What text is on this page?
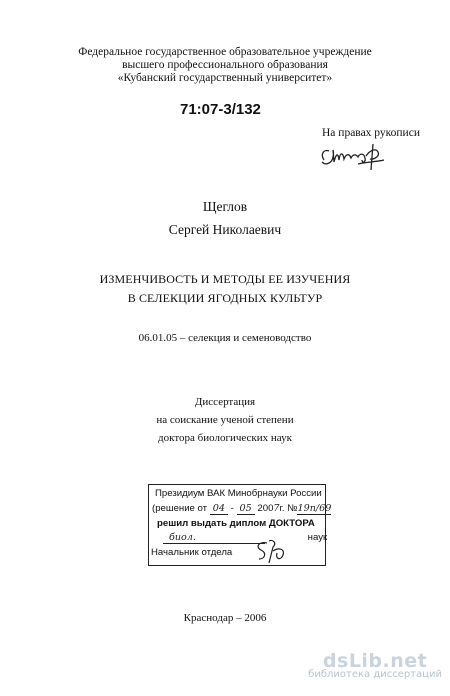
Федеральное государственное образовательное учреждение
высшего профессионального образования
«Кубанский государственный университет»
71:07-3/132
На правах рукописи
Щеглов
Сергей Николаевич
ИЗМЕНЧИВОСТЬ И МЕТОДЫ ЕЕ ИЗУЧЕНИЯ
В СЕЛЕКЦИИ ЯГОДНЫХ КУЛЬТУР
06.01.05 – селекция и семеноводство
Диссертация
на соискание ученой степени
доктора биологических наук
Президиум ВАК Минобрнауки России
(решение от 04 - 05 2007г. №19п/69
решил выдать диплом ДОКТОРА
биол.	наук
Начальник отдела
Краснодар – 2006
dsLib.net
библиотека диссертаций
